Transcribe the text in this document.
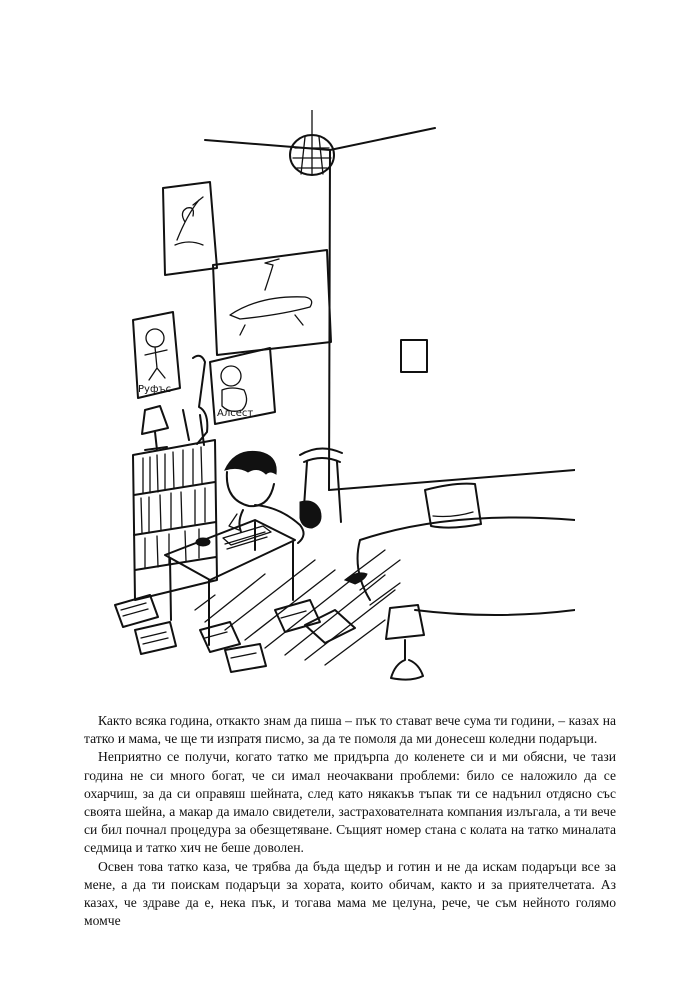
Руфъс
Алсест

Както всяка година, откакто знам да пиша – пък то стават вече сума ти години, – казах на татко и мама, че ще ти изпратя писмо, за да те помоля да ми донесеш коледни подаръци.

Неприятно се получи, когато татко ме придърпа до коленете си и ми обясни, че тази година не си много богат, че си имал неочаквани проблеми: било се наложило да се охарчиш, за да си оправяш шейната, след като някакъв тъпак ти се надънил отдясно със своята шейна, а макар да имало свидетели, застрахователната компания излъгала, а ти вече си бил почнал процедура за обезщетяване. Същият номер стана с колата на татко миналата седмица и татко хич не беше доволен.

Освен това татко каза, че трябва да бъда щедър и готин и не да искам подаръци все за мене, а да ти поискам подаръци за хората, които обичам, както и за приятелчетата. Аз казах, че здраве да е, нека пък, и тогава мама ме целуна, рече, че съм нейното голямо момче
